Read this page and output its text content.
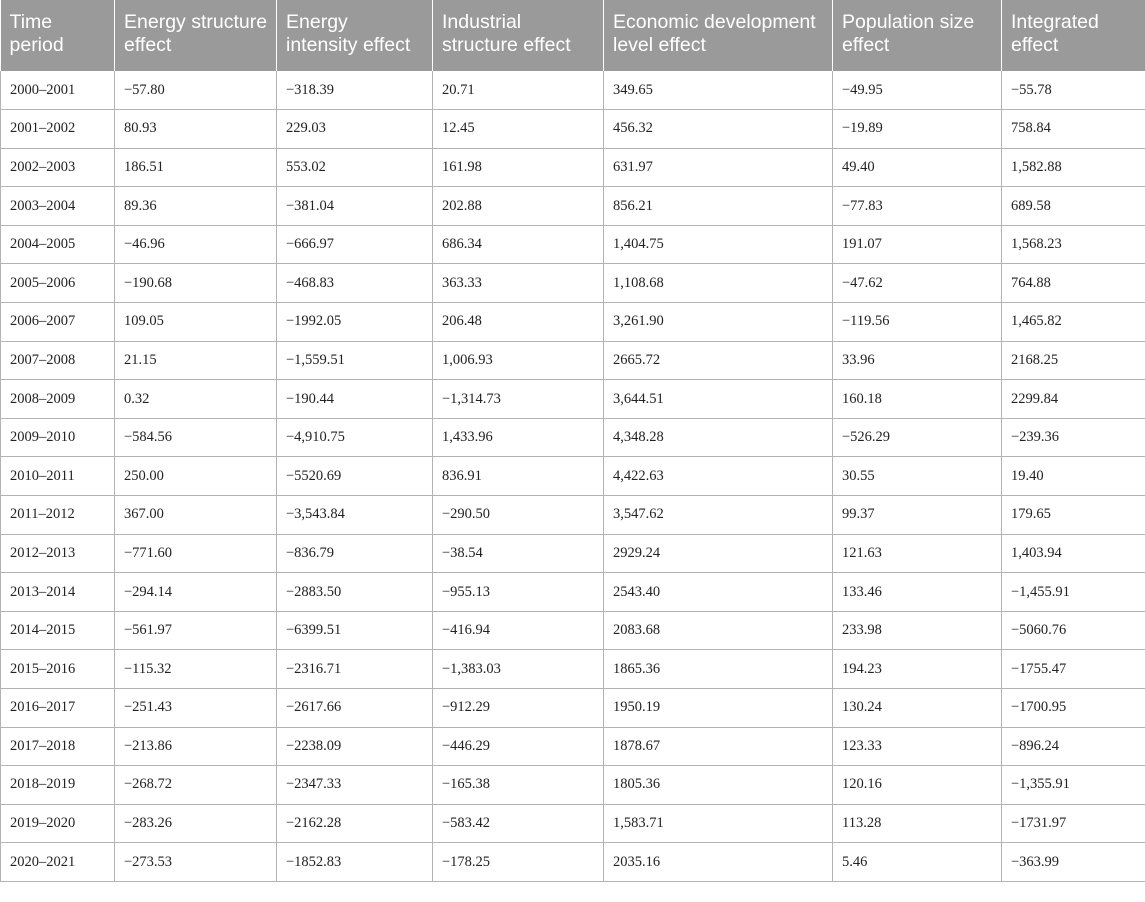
Time period	Energy structure effect	Energy intensity effect	Industrial structure effect	Economic development level effect	Population size effect	Integrated effect
2000–2001	−57.80	−318.39	20.71	349.65	−49.95	−55.78
2001–2002	80.93	229.03	12.45	456.32	−19.89	758.84
2002–2003	186.51	553.02	161.98	631.97	49.40	1,582.88
2003–2004	89.36	−381.04	202.88	856.21	−77.83	689.58
2004–2005	−46.96	−666.97	686.34	1,404.75	191.07	1,568.23
2005–2006	−190.68	−468.83	363.33	1,108.68	−47.62	764.88
2006–2007	109.05	−1992.05	206.48	3,261.90	−119.56	1,465.82
2007–2008	21.15	−1,559.51	1,006.93	2665.72	33.96	2168.25
2008–2009	0.32	−190.44	−1,314.73	3,644.51	160.18	2299.84
2009–2010	−584.56	−4,910.75	1,433.96	4,348.28	−526.29	−239.36
2010–2011	250.00	−5520.69	836.91	4,422.63	30.55	19.40
2011–2012	367.00	−3,543.84	−290.50	3,547.62	99.37	179.65
2012–2013	−771.60	−836.79	−38.54	2929.24	121.63	1,403.94
2013–2014	−294.14	−2883.50	−955.13	2543.40	133.46	−1,455.91
2014–2015	−561.97	−6399.51	−416.94	2083.68	233.98	−5060.76
2015–2016	−115.32	−2316.71	−1,383.03	1865.36	194.23	−1755.47
2016–2017	−251.43	−2617.66	−912.29	1950.19	130.24	−1700.95
2017–2018	−213.86	−2238.09	−446.29	1878.67	123.33	−896.24
2018–2019	−268.72	−2347.33	−165.38	1805.36	120.16	−1,355.91
2019–2020	−283.26	−2162.28	−583.42	1,583.71	113.28	−1731.97
2020–2021	−273.53	−1852.83	−178.25	2035.16	5.46	−363.99
